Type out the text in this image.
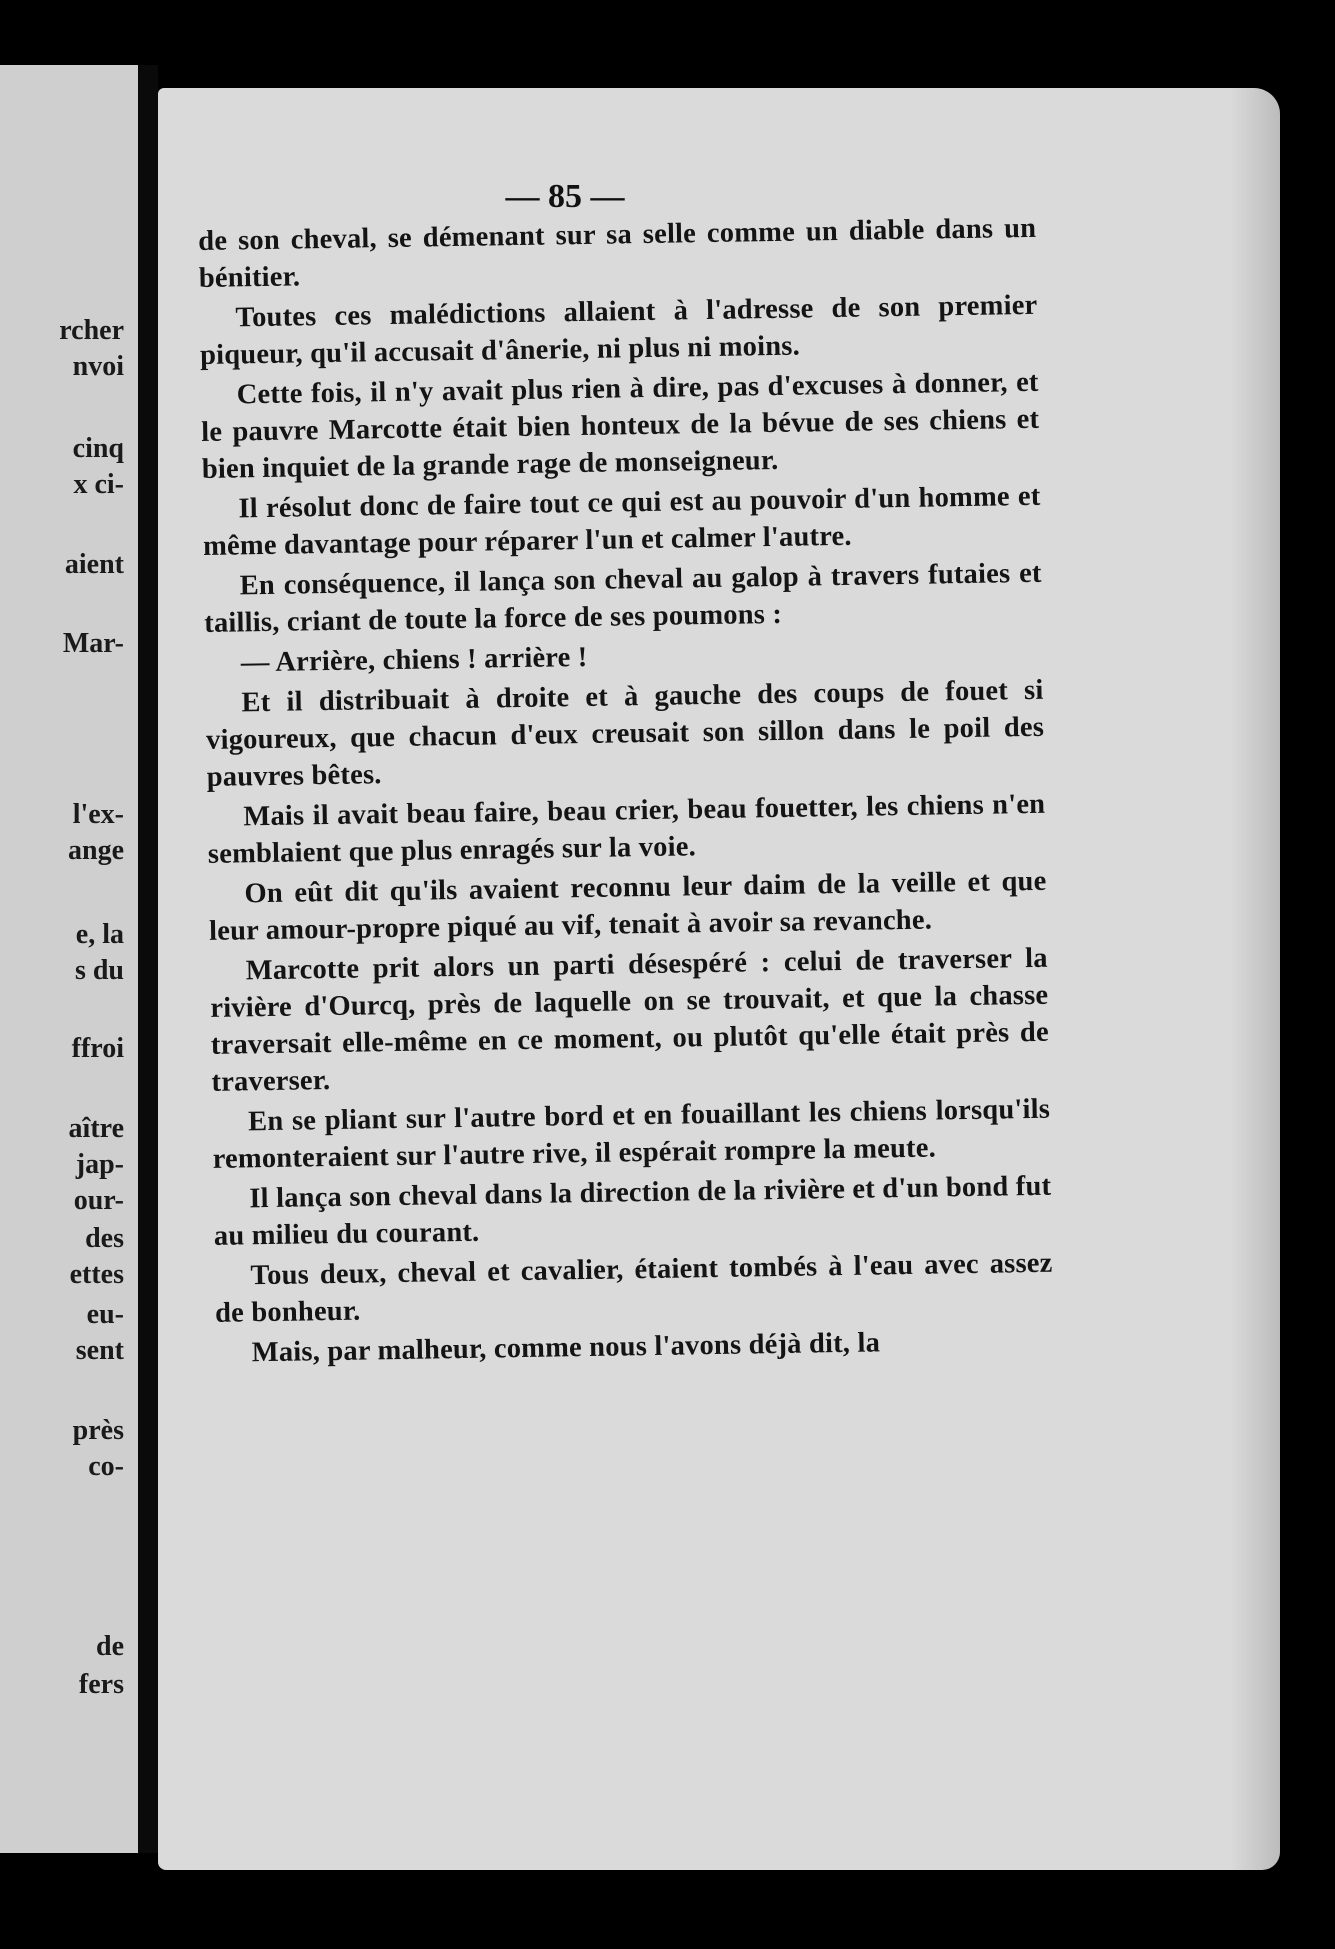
rcher
nvoi
cinq
x ci-
aient
Mar-
l'ex-
ange
e, la
s du
ffroi
aître
jap-
our-
des
ettes
eu-
sent
près
co-
de
fers
— 85 —

de son cheval, se démenant sur sa selle comme un diable dans un bénitier.

Toutes ces malédictions allaient à l'adresse de son premier piqueur, qu'il accusait d'ânerie, ni plus ni moins.

Cette fois, il n'y avait plus rien à dire, pas d'excuses à donner, et le pauvre Marcotte était bien honteux de la bévue de ses chiens et bien inquiet de la grande rage de monseigneur.

Il résolut donc de faire tout ce qui est au pouvoir d'un homme et même davantage pour réparer l'un et calmer l'autre.

En conséquence, il lança son cheval au galop à travers futaies et taillis, criant de toute la force de ses poumons :

— Arrière, chiens ! arrière !

Et il distribuait à droite et à gauche des coups de fouet si vigoureux, que chacun d'eux creusait son sillon dans le poil des pauvres bêtes.

Mais il avait beau faire, beau crier, beau fouetter, les chiens n'en semblaient que plus enragés sur la voie.

On eût dit qu'ils avaient reconnu leur daim de la veille et que leur amour-propre piqué au vif, tenait à avoir sa revanche.

Marcotte prit alors un parti désespéré : celui de traverser la rivière d'Ourcq, près de laquelle on se trouvait, et que la chasse traversait elle-même en ce moment, ou plutôt qu'elle était près de traverser.

En se pliant sur l'autre bord et en fouaillant les chiens lorsqu'ils remonteraient sur l'autre rive, il espérait rompre la meute.

Il lança son cheval dans la direction de la rivière et d'un bond fut au milieu du courant.

Tous deux, cheval et cavalier, étaient tombés à l'eau avec assez de bonheur.

Mais, par malheur, comme nous l'avons déjà dit, la
